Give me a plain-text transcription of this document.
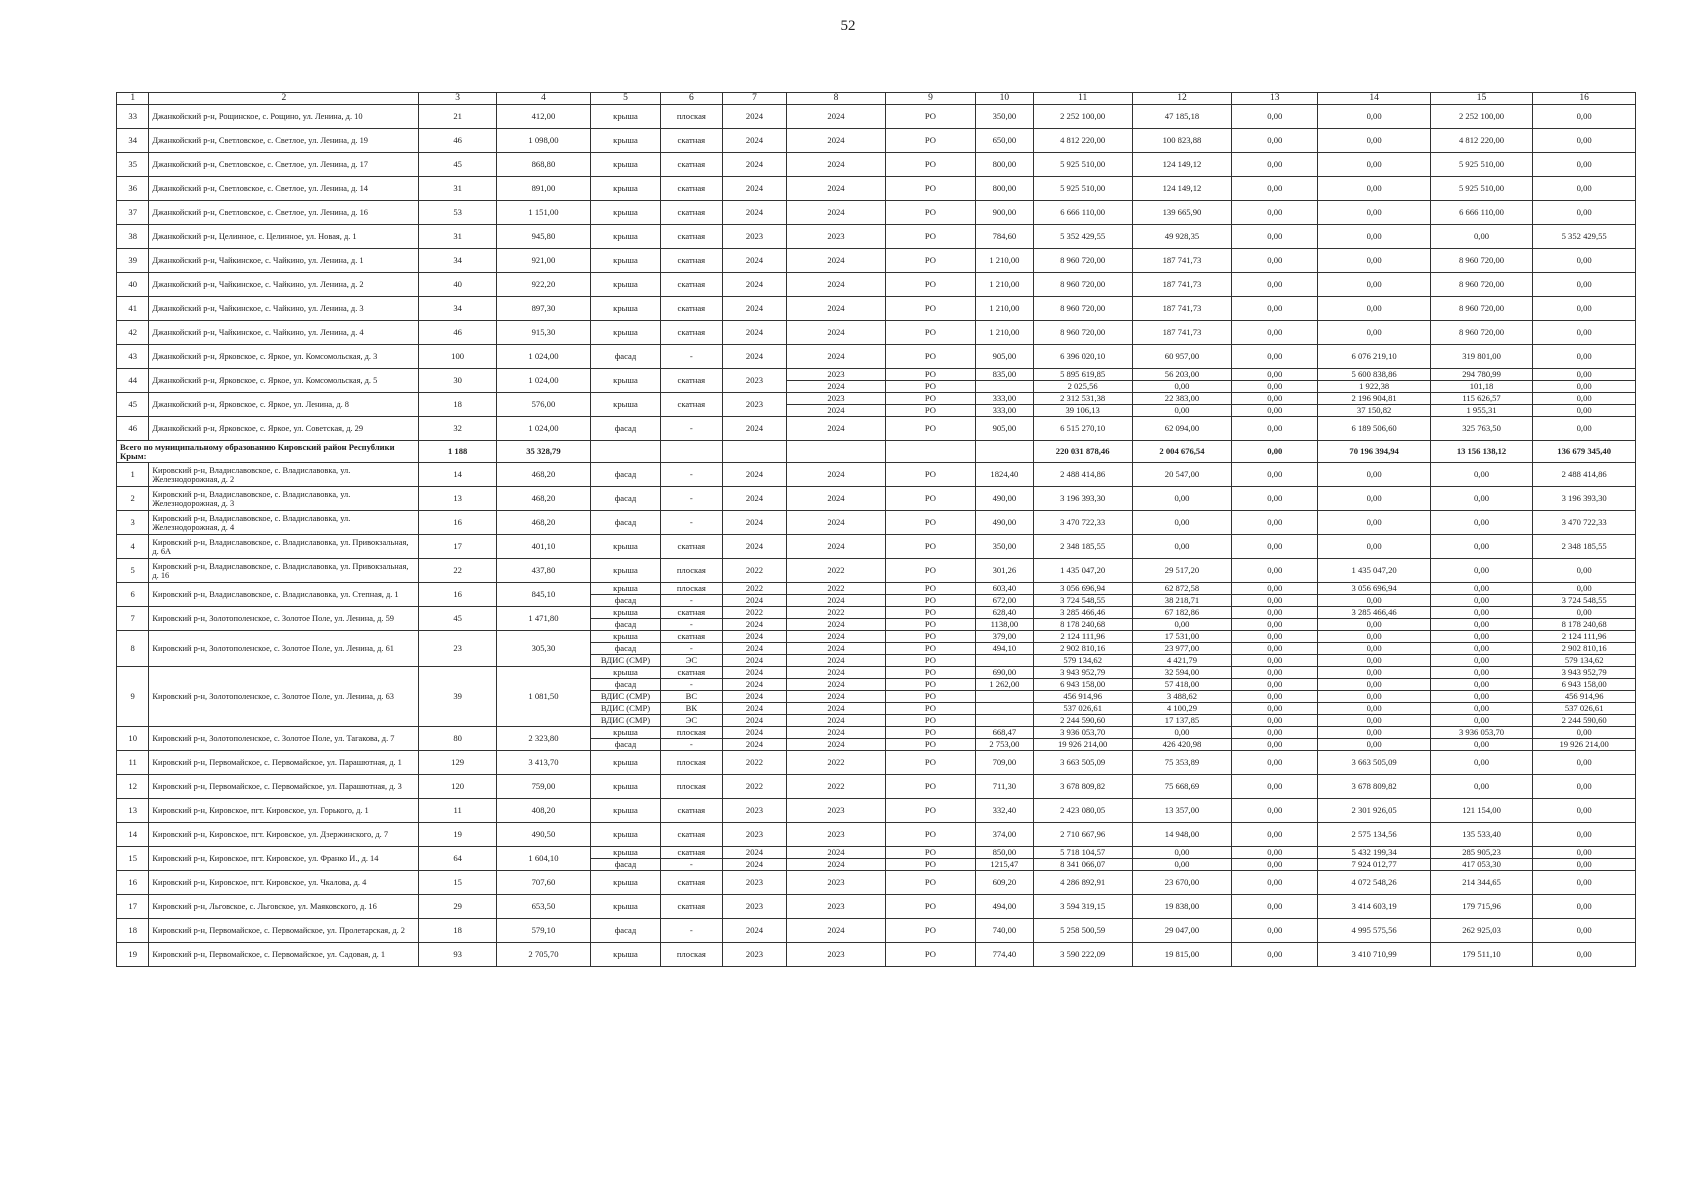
52
1	2	3	4	5	6	7	8	9	10	11	12	13	14	15	16
33	Джанкойский р-н, Рощинское, с. Рощино, ул. Ленина, д. 10	21	412,00	крыша	плоская	2024	2024	РО	350,00	2 252 100,00	47 185,18	0,00	0,00	2 252 100,00	0,00
34	Джанкойский р-н, Светловское, с. Светлое, ул. Ленина, д. 19	46	1 098,00	крыша	скатная	2024	2024	РО	650,00	4 812 220,00	100 823,88	0,00	0,00	4 812 220,00	0,00
35	Джанкойский р-н, Светловское, с. Светлое, ул. Ленина, д. 17	45	868,80	крыша	скатная	2024	2024	РО	800,00	5 925 510,00	124 149,12	0,00	0,00	5 925 510,00	0,00
36	Джанкойский р-н, Светловское, с. Светлое, ул. Ленина, д. 14	31	891,00	крыша	скатная	2024	2024	РО	800,00	5 925 510,00	124 149,12	0,00	0,00	5 925 510,00	0,00
37	Джанкойский р-н, Светловское, с. Светлое, ул. Ленина, д. 16	53	1 151,00	крыша	скатная	2024	2024	РО	900,00	6 666 110,00	139 665,90	0,00	0,00	6 666 110,00	0,00
38	Джанкойский р-н, Целинное, с. Целинное, ул. Новая, д. 1	31	945,80	крыша	скатная	2023	2023	РО	784,60	5 352 429,55	49 928,35	0,00	0,00	0,00	5 352 429,55
39	Джанкойский р-н, Чайкинское, с. Чайкино, ул. Ленина, д. 1	34	921,00	крыша	скатная	2024	2024	РО	1 210,00	8 960 720,00	187 741,73	0,00	0,00	8 960 720,00	0,00
40	Джанкойский р-н, Чайкинское, с. Чайкино, ул. Ленина, д. 2	40	922,20	крыша	скатная	2024	2024	РО	1 210,00	8 960 720,00	187 741,73	0,00	0,00	8 960 720,00	0,00
41	Джанкойский р-н, Чайкинское, с. Чайкино, ул. Ленина, д. 3	34	897,30	крыша	скатная	2024	2024	РО	1 210,00	8 960 720,00	187 741,73	0,00	0,00	8 960 720,00	0,00
42	Джанкойский р-н, Чайкинское, с. Чайкино, ул. Ленина, д. 4	46	915,30	крыша	скатная	2024	2024	РО	1 210,00	8 960 720,00	187 741,73	0,00	0,00	8 960 720,00	0,00
43	Джанкойский р-н, Ярковское, с. Яркое, ул. Комсомольская, д. 3	100	1 024,00	фасад	-	2024	2024	РО	905,00	6 396 020,10	60 957,00	0,00	6 076 219,10	319 801,00	0,00
44	Джанкойский р-н, Ярковское, с. Яркое, ул. Комсомольская, д. 5	30	1 024,00	крыша	скатная	2023	2023	РО	835,00	5 895 619,85	56 203,00	0,00	5 600 838,86	294 780,99	0,00
							2024	РО		2 025,56	0,00	0,00	1 922,38	101,18	0,00
45	Джанкойский р-н, Ярковское, с. Яркое, ул. Ленина, д. 8	18	576,00	крыша	скатная	2023	2023	РО	333,00	2 312 531,38	22 383,00	0,00	2 196 904,81	115 626,57	0,00
							2024	РО	333,00	39 106,13	0,00	0,00	37 150,82	1 955,31	0,00
46	Джанкойский р-н, Ярковское, с. Яркое, ул. Советская, д. 29	32	1 024,00	фасад	-	2024	2024	РО	905,00	6 515 270,10	62 094,00	0,00	6 189 506,60	325 763,50	0,00
Всего по муниципальному образованию Кировский район Республики Крым:		1 188	35 328,79							220 031 878,46	2 004 676,54	0,00	70 196 394,94	13 156 138,12	136 679 345,40
1	Кировский р-н, Владиславовское, с. Владиславовка, ул. Железнодорожная, д. 2	14	468,20	фасад	-	2024	2024	РО	1824,40	2 488 414,86	20 547,00	0,00	0,00	0,00	2 488 414,86
2	Кировский р-н, Владиславовское, с. Владиславовка, ул. Железнодорожная, д. 3	13	468,20	фасад	-	2024	2024	РО	490,00	3 196 393,30	0,00	0,00	0,00	0,00	3 196 393,30
3	Кировский р-н, Владиславовское, с. Владиславовка, ул. Железнодорожная, д. 4	16	468,20	фасад	-	2024	2024	РО	490,00	3 470 722,33	0,00	0,00	0,00	0,00	3 470 722,33
4	Кировский р-н, Владиславовское, с. Владиславовка, ул. Привокзальная, д. 6А	17	401,10	крыша	скатная	2024	2024	РО	350,00	2 348 185,55	0,00	0,00	0,00	0,00	2 348 185,55
5	Кировский р-н, Владиславовское, с. Владиславовка, ул. Привокзальная, д. 16	22	437,80	крыша	плоская	2022	2022	РО	301,26	1 435 047,20	29 517,20	0,00	1 435 047,20	0,00	0,00
6	Кировский р-н, Владиславовское, с. Владиславовка, ул. Степная, д. 1	16	845,10	крыша	плоская	2022	2022	РО	603,40	3 056 696,94	62 872,58	0,00	3 056 696,94	0,00	0,00
				фасад	-	2024	2024	РО	672,00	3 724 548,55	38 218,71	0,00	0,00	0,00	3 724 548,55
7	Кировский р-н, Золотополенское, с. Золотое Поле, ул. Ленина, д. 59	45	1 471,80	крыша	скатная	2022	2022	РО	628,40	3 285 466,46	67 182,86	0,00	3 285 466,46	0,00	0,00
				фасад	-	2024	2024	РО	1138,00	8 178 240,68	0,00	0,00	0,00	0,00	8 178 240,68
8	Кировский р-н, Золотополенское, с. Золотое Поле, ул. Ленина, д. 61	23	305,30	крыша	скатная	2024	2024	РО	379,00	2 124 111,96	17 531,00	0,00	0,00	0,00	2 124 111,96
				фасад	-	2024	2024	РО	494,10	2 902 810,16	23 977,00	0,00	0,00	0,00	2 902 810,16
				ВДИС (СМР)	ЭС	2024	2024	РО		579 134,62	4 421,79	0,00	0,00	0,00	579 134,62
9	Кировский р-н, Золотополенское, с. Золотое Поле, ул. Ленина, д. 63	39	1 081,50	крыша	скатная	2024	2024	РО	690,00	3 943 952,79	32 594,00	0,00	0,00	0,00	3 943 952,79
				фасад	-	2024	2024	РО	1 262,00	6 943 158,00	57 418,00	0,00	0,00	0,00	6 943 158,00
				ВДИС (СМР)	ВС	2024	2024	РО		456 914,96	3 488,62	0,00	0,00	0,00	456 914,96
				ВДИС (СМР)	ВК	2024	2024	РО		537 026,61	4 100,29	0,00	0,00	0,00	537 026,61
				ВДИС (СМР)	ЭС	2024	2024	РО		2 244 590,60	17 137,85	0,00	0,00	0,00	2 244 590,60
10	Кировский р-н, Золотополенское, с. Золотое Поле, ул. Тагакова, д. 7	80	2 323,80	крыша	плоская	2024	2024	РО	668,47	3 936 053,70	0,00	0,00	0,00	3 936 053,70	0,00
				фасад	-	2024	2024	РО	2 753,00	19 926 214,00	426 420,98	0,00	0,00	0,00	19 926 214,00
11	Кировский р-н, Первомайское, с. Первомайское, ул. Парашютная, д. 1	129	3 413,70	крыша	плоская	2022	2022	РО	709,00	3 663 505,09	75 353,89	0,00	3 663 505,09	0,00	0,00
12	Кировский р-н, Первомайское, с. Первомайское, ул. Парашютная, д. 3	120	759,00	крыша	плоская	2022	2022	РО	711,30	3 678 809,82	75 668,69	0,00	3 678 809,82	0,00	0,00
13	Кировский р-н, Кировское, пгт. Кировское, ул. Горького, д. 1	11	408,20	крыша	скатная	2023	2023	РО	332,40	2 423 080,05	13 357,00	0,00	2 301 926,05	121 154,00	0,00
14	Кировский р-н, Кировское, пгт. Кировское, ул. Дзержинского, д. 7	19	490,50	крыша	скатная	2023	2023	РО	374,00	2 710 667,96	14 948,00	0,00	2 575 134,56	135 533,40	0,00
15	Кировский р-н, Кировское, пгт. Кировское, ул. Франко И., д. 14	64	1 604,10	крыша	скатная	2024	2024	РО	850,00	5 718 104,57	0,00	0,00	5 432 199,34	285 905,23	0,00
				фасад	-	2024	2024	РО	1215,47	8 341 066,07	0,00	0,00	7 924 012,77	417 053,30	0,00
16	Кировский р-н, Кировское, пгт. Кировское, ул. Чкалова, д. 4	15	707,60	крыша	скатная	2023	2023	РО	609,20	4 286 892,91	23 670,00	0,00	4 072 548,26	214 344,65	0,00
17	Кировский р-н, Льговское, с. Льговское, ул. Маяковского, д. 16	29	653,50	крыша	скатная	2023	2023	РО	494,00	3 594 319,15	19 838,00	0,00	3 414 603,19	179 715,96	0,00
18	Кировский р-н, Первомайское, с. Первомайское, ул. Пролетарская, д. 2	18	579,10	фасад	-	2024	2024	РО	740,00	5 258 500,59	29 047,00	0,00	4 995 575,56	262 925,03	0,00
19	Кировский р-н, Первомайское, с. Первомайское, ул. Садовая, д. 1	93	2 705,70	крыша	плоская	2023	2023	РО	774,40	3 590 222,09	19 815,00	0,00	3 410 710,99	179 511,10	0,00
